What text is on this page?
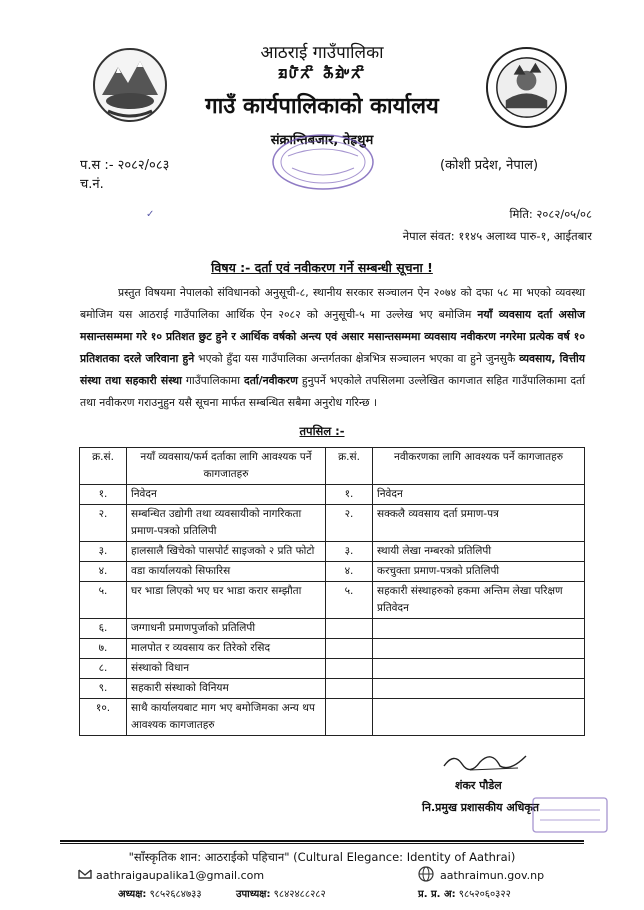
आठराई गाउँपालिका
ᤀᤙᤠᤖᤡ ᤌᤠᤀᤧᤸᤖᤡ
गाउँ कार्यपालिकाको कार्यालय
संक्रान्तिबजार, तेह्रथुम
प.स :- २०८२/०८३
च.नं.
(कोशी प्रदेश, नेपाल)
✓	मिति: २०८२/०५/०८
नेपाल संवत: ११४५ अलाथ्व पारु-१, आईतबार
विषय :- दर्ता एवं नवीकरण गर्ने सम्बन्धी सूचना !
प्रस्तुत विषयमा नेपालको संविधानको अनुसूची-८, स्थानीय सरकार सञ्चालन ऐन २०७४ को दफा ५८ मा भएको व्यवस्था बमोजिम यस आठराई गाउँपालिका आर्थिक ऐन २०८२ को अनुसूची-५ मा उल्लेख भए बमोजिम नयाँ व्यवसाय दर्ता असोज मसान्तसम्ममा गरे १० प्रतिशत छुट हुने र आर्थिक वर्षको अन्त्य एवं असार मसान्तसम्ममा व्यवसाय नवीकरण नगरेमा प्रत्येक वर्ष १० प्रतिशतका दरले जरिवाना हुने भएको हुँदा यस गाउँपालिका अन्तर्गतका क्षेत्रभित्र सञ्चालन भएका वा हुने जुनसुकै व्यवसाय, वित्तीय संस्था तथा सहकारी संस्था गाउँपालिकामा दर्ता/नवीकरण हुनुपर्ने भएकोले तपसिलमा उल्लेखित कागजात सहित गाउँपालिकामा दर्ता तथा नवीकरण गराउनुहुन यसै सूचना मार्फत सम्बन्धित सबैमा अनुरोध गरिन्छ ।
तपसिल :-
क्र.सं.	नयाँ व्यवसाय/फर्म दर्ताका लागि आवश्यक पर्ने कागजातहरु	क्र.सं.	नवीकरणका लागि आवश्यक पर्ने कागजातहरु
१.	निवेदन	१.	निवेदन
२.	सम्बन्धित उद्योगी तथा व्यवसायीको नागरिकता प्रमाण-पत्रको प्रतिलिपी	२.	सक्कलै व्यवसाय दर्ता प्रमाण-पत्र
३.	हालसालै खिचेको पासपोर्ट साइजको २ प्रति फोटो	३.	स्थायी लेखा नम्बरको प्रतिलिपी
४.	वडा कार्यालयको सिफारिस	४.	करचुक्ता प्रमाण-पत्रको प्रतिलिपी
५.	घर भाडा लिएको भए घर भाडा करार सम्झौता	५.	सहकारी संस्थाहरुको हकमा अन्तिम लेखा परिक्षण प्रतिवेदन
६.	जग्गाधनी प्रमाणपुर्जाको प्रतिलिपी		
७.	मालपोत र व्यवसाय कर तिरेको रसिद		
८.	संस्थाको विधान		
९.	सहकारी संस्थाको विनियम		
१०.	साथै कार्यालयबाट माग भए बमोजिमका अन्य थप आवश्यक कागजातहरु		
शंकर पौडेल
नि.प्रमुख प्रशासकीय अधिकृत
"साँस्कृतिक शान: आठराईको पहिचान" (Cultural Elegance: Identity of Aathrai)
aathraigaupalika1@gmail.com	aathraimun.gov.np
अध्यक्ष: ९८५२६८४७३३	उपाध्यक्ष: ९८४२४८८२८२	प्र. प्र. अ: ९८५२०६०३२२
